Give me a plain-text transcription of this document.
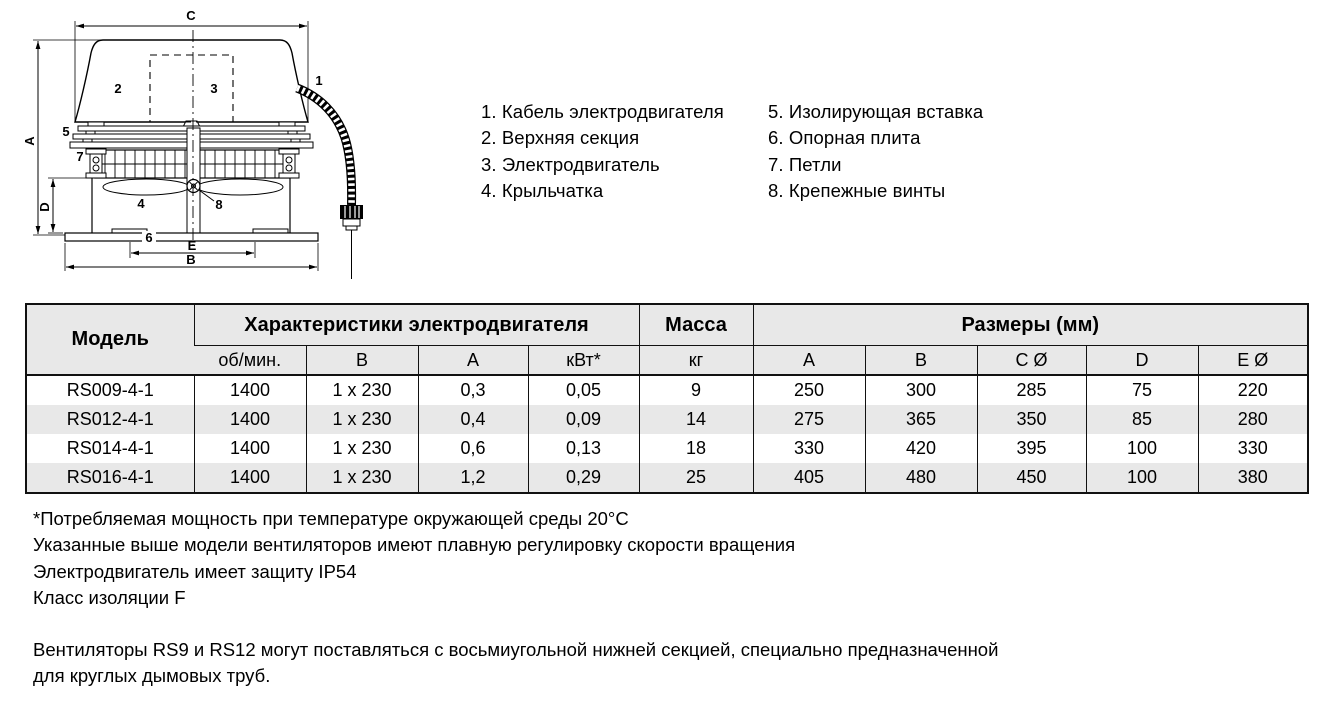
C
A
D
E
B
1
2	3
5
7
4	8
6
1. Кабель электродвигателя
2. Верхняя секция
3. Электродвигатель
4. Крыльчатка
5. Изолирующая вставка
6. Опорная плита
7. Петли
8. Крепежные винты
Модель	Характеристики электродвигателя				Масса	Размеры (мм)				
	об/мин.	В	А	кВт*	кг	A	B	C Ø	D	E Ø
RS009-4-1	1400	1 x 230	0,3	0,05	9	250	300	285	75	220
RS012-4-1	1400	1 x 230	0,4	0,09	14	275	365	350	85	280
RS014-4-1	1400	1 x 230	0,6	0,13	18	330	420	395	100	330
RS016-4-1	1400	1 x 230	1,2	0,29	25	405	480	450	100	380
*Потребляемая мощность при температуре окружающей среды 20°C
Указанные выше модели вентиляторов имеют плавную регулировку скорости вращения
Электродвигатель имеет защиту IP54
Класс изоляции F
Вентиляторы RS9 и RS12 могут поставляться с восьмиугольной нижней секцией, специально предназначенной
для круглых дымовых труб.
